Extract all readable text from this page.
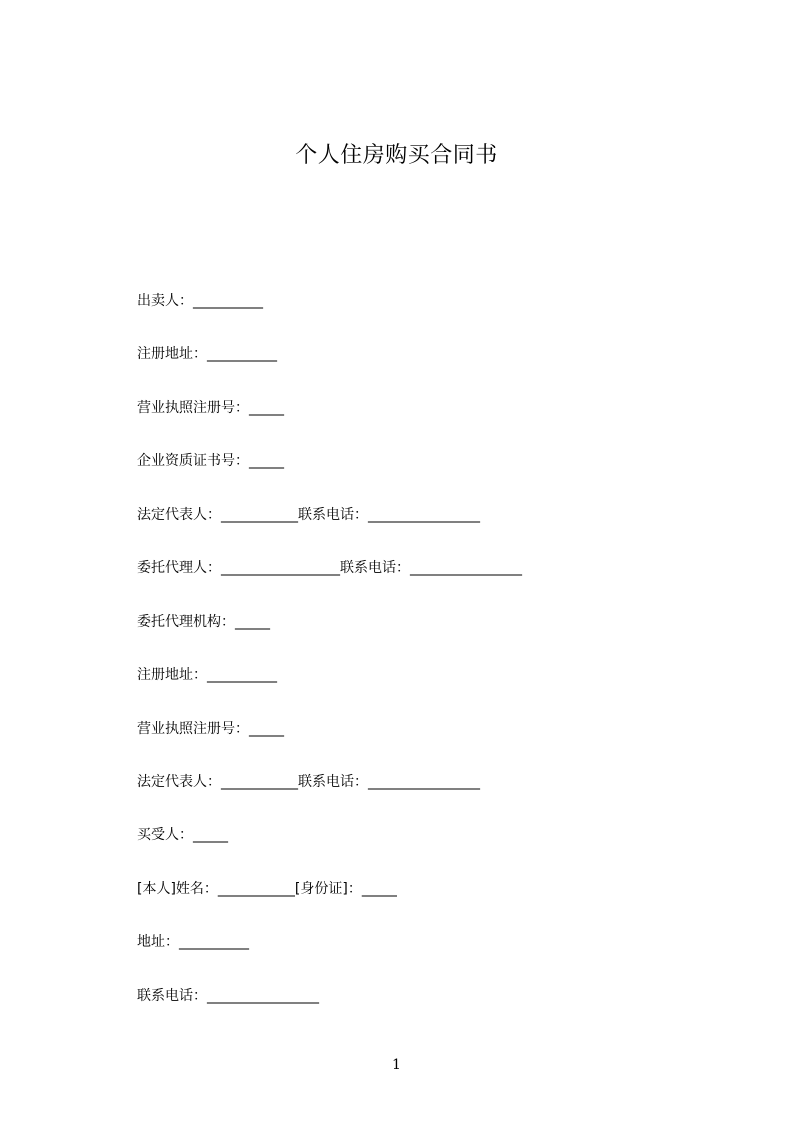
个人住房购买合同书
出卖人：__________
注册地址：__________
营业执照注册号：_____
企业资质证书号：_____
法定代表人：___________联系电话：________________
委托代理人：_________________联系电话：________________
委托代理机构：_____
注册地址：__________
营业执照注册号：_____
法定代表人：___________联系电话：________________
买受人：_____
[本人]姓名：___________[身份证]：_____
地址：__________
联系电话：________________
1
